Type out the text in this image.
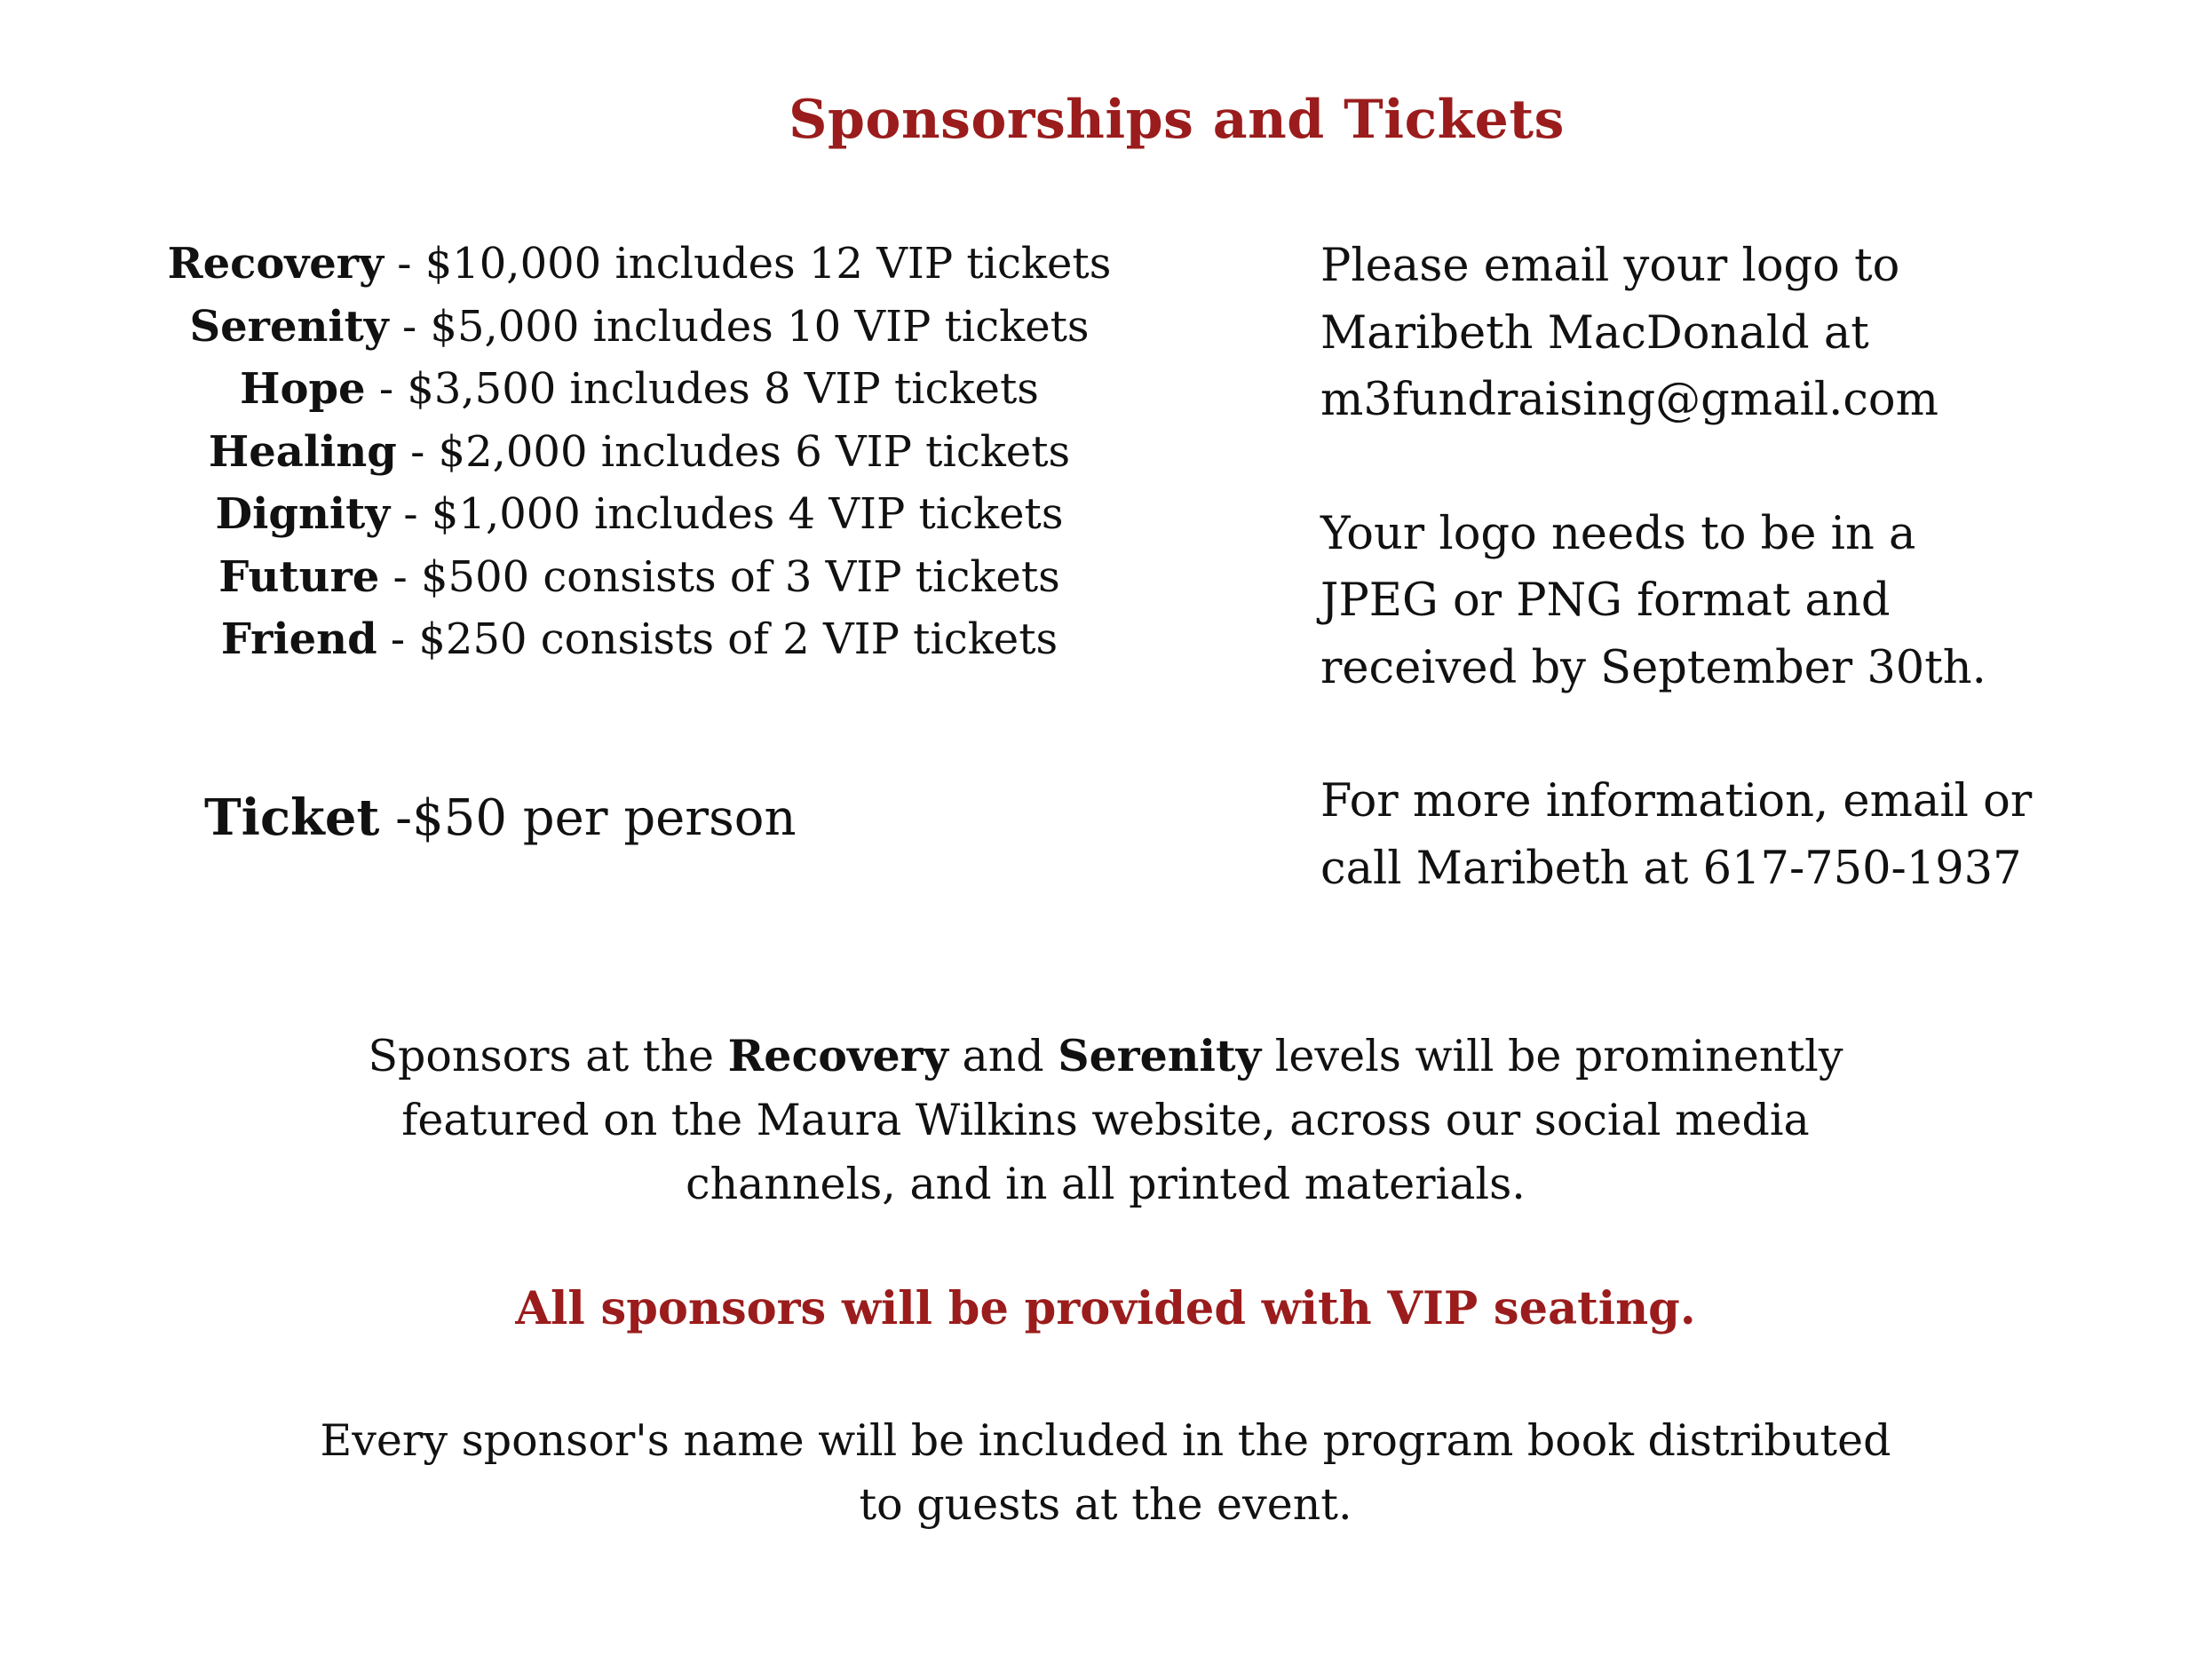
Sponsorships and Tickets
Recovery - $10,000 includes 12 VIP tickets
Serenity - $5,000 includes 10 VIP tickets
Hope - $3,500 includes 8 VIP tickets
Healing - $2,000 includes 6 VIP tickets
Dignity - $1,000 includes 4 VIP tickets
Future - $500 consists of 3 VIP tickets
Friend - $250 consists of 2 VIP tickets
Ticket -$50 per person

Please email your logo to

Maribeth MacDonald at

m3fundraising@gmail.com

Your logo needs to be in a

JPEG or PNG format and

received by September 30th.

For more information, email or

call Maribeth at 617-750-1937

Sponsors at the Recovery and Serenity levels will be prominently
featured on the Maura Wilkins website, across our social media
channels, and in all printed materials.
All sponsors will be provided with VIP seating.
Every sponsor's name will be included in the program book distributed
to guests at the event.
